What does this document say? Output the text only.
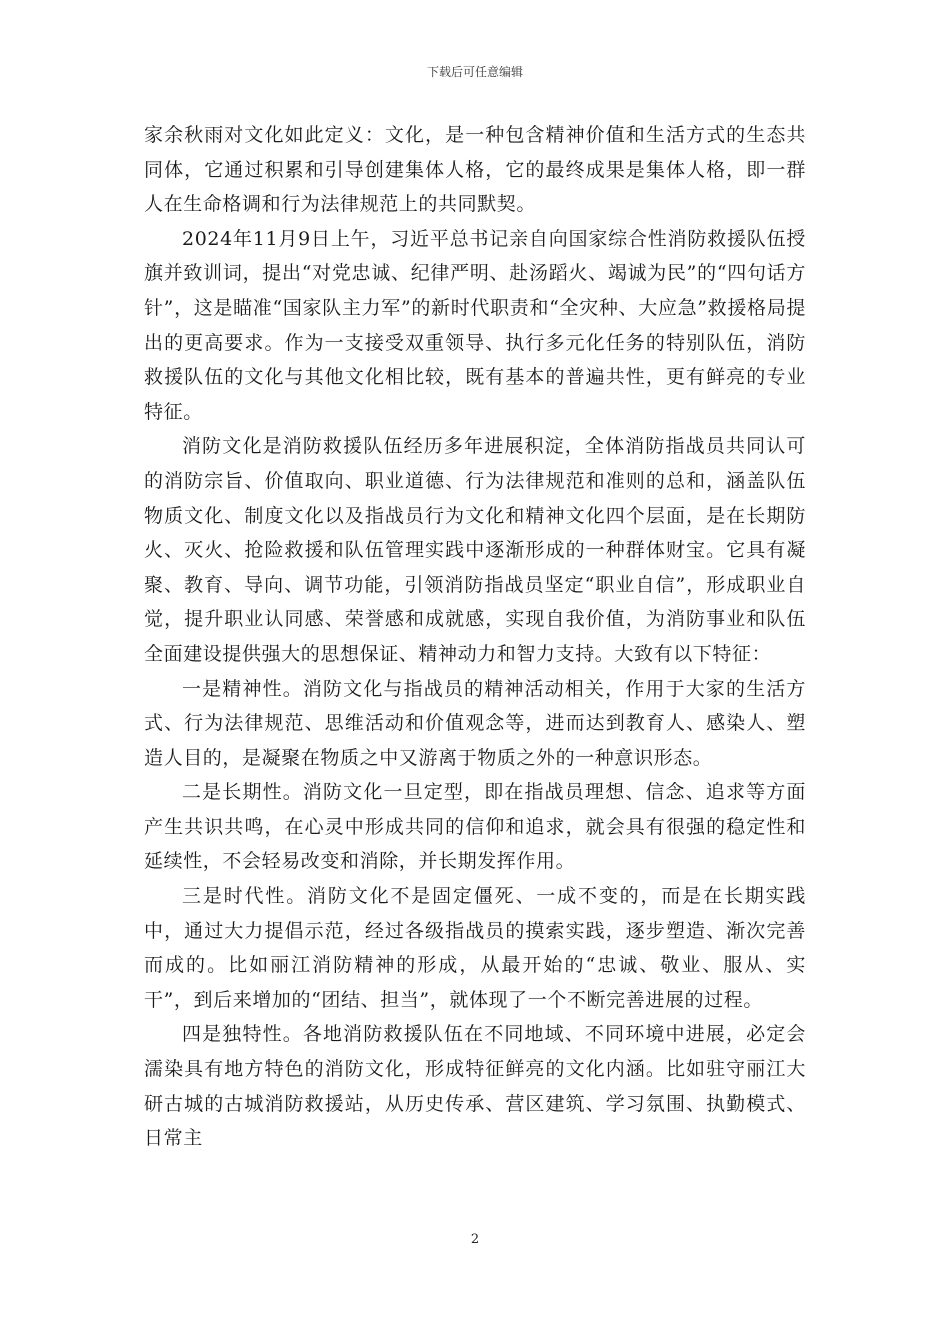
下载后可任意编辑

家余秋雨对文化如此定义：文化，是一种包含精神价值和生活方式的生态共同体，它通过积累和引导创建集体人格，它的最终成果是集体人格，即一群人在生命格调和行为法律规范上的共同默契。

2024年11月9日上午，习近平总书记亲自向国家综合性消防救援队伍授旗并致训词，提出“对党忠诚、纪律严明、赴汤蹈火、竭诚为民”的“四句话方针”，这是瞄准“国家队主力军”的新时代职责和“全灾种、大应急”救援格局提出的更高要求。作为一支接受双重领导、执行多元化任务的特别队伍，消防救援队伍的文化与其他文化相比较，既有基本的普遍共性，更有鲜亮的专业特征。

消防文化是消防救援队伍经历多年进展积淀，全体消防指战员共同认可的消防宗旨、价值取向、职业道德、行为法律规范和准则的总和，涵盖队伍物质文化、制度文化以及指战员行为文化和精神文化四个层面，是在长期防火、灭火、抢险救援和队伍管理实践中逐渐形成的一种群体财宝。它具有凝聚、教育、导向、调节功能，引领消防指战员坚定“职业自信”，形成职业自觉，提升职业认同感、荣誉感和成就感，实现自我价值，为消防事业和队伍全面建设提供强大的思想保证、精神动力和智力支持。大致有以下特征：

一是精神性。消防文化与指战员的精神活动相关，作用于大家的生活方式、行为法律规范、思维活动和价值观念等，进而达到教育人、感染人、塑造人目的，是凝聚在物质之中又游离于物质之外的一种意识形态。

二是长期性。消防文化一旦定型，即在指战员理想、信念、追求等方面产生共识共鸣，在心灵中形成共同的信仰和追求，就会具有很强的稳定性和延续性，不会轻易改变和消除，并长期发挥作用。

三是时代性。消防文化不是固定僵死、一成不变的，而是在长期实践中，通过大力提倡示范，经过各级指战员的摸索实践，逐步塑造、渐次完善而成的。比如丽江消防精神的形成，从最开始的“忠诚、敬业、服从、实干”，到后来增加的“团结、担当”，就体现了一个不断完善进展的过程。

四是独特性。各地消防救援队伍在不同地域、不同环境中进展，必定会濡染具有地方特色的消防文化，形成特征鲜亮的文化内涵。比如驻守丽江大研古城的古城消防救援站，从历史传承、营区建筑、学习氛围、执勤模式、日常主

2
